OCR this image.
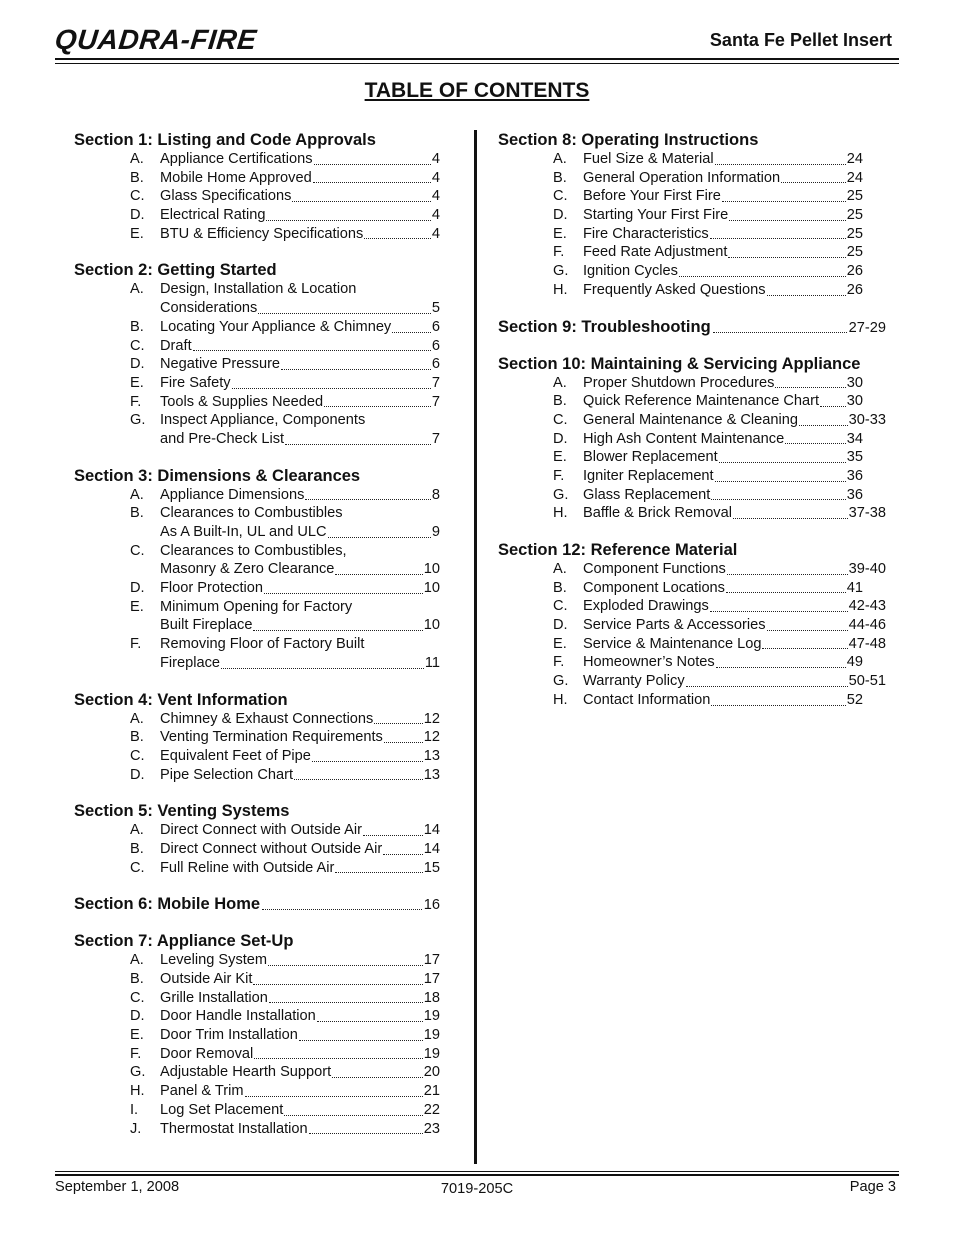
QUADRA-FIRE	Santa Fe Pellet Insert
TABLE OF CONTENTS
Section 1: Listing and Code Approvals
A.	Appliance Certifications	4
B.	Mobile Home Approved	4
C.	Glass Specifications	4
D.	Electrical Rating	4
E.	BTU & Efficiency Specifications	4
Section 2: Getting Started
A.	Design, Installation & Location
Considerations	5
B.	Locating Your Appliance & Chimney	6
C.	Draft	6
D.	Negative Pressure	6
E.	Fire Safety	7
F.	Tools & Supplies Needed	7
G. Inspect Appliance, Components
and Pre-Check List	7
Section 3: Dimensions & Clearances
A.	Appliance Dimensions	8
B.	Clearances to Combustibles
As A Built-In, UL and ULC	9
C.	Clearances to Combustibles,
Masonry & Zero Clearance	10
D.	Floor Protection	10
E.	Minimum Opening for Factory
Built Fireplace	10
F.	Removing Floor of Factory Built
Fireplace	11
Section 4: Vent Information
A.	Chimney & Exhaust Connections	12
B.	Venting Termination Requirements	12
C.	Equivalent Feet of Pipe	13
D.	Pipe Selection Chart	13
Section 5: Venting Systems
A.	Direct Connect with Outside Air	14
B.	Direct Connect without Outside Air	14
C.	Full Reline with Outside Air	15
Section 6: Mobile Home	16
Section 7: Appliance Set-Up
A.	Leveling System	17
B.	Outside Air Kit	17
C.	Grille Installation	18
D.	Door Handle Installation	19
E.	Door Trim Installation	19
F.	Door Removal	19
G. Adjustable Hearth Support	20
H.	Panel & Trim	21
I.	Log Set Placement	22
J.	Thermostat Installation	23
Section 8: Operating Instructions
A.	Fuel Size & Material	24
B.	General Operation Information	24
C.	Before Your First Fire	25
D.	Starting Your First Fire	25
E.	Fire Characteristics	25
F.	Feed Rate Adjustment	25
G. Ignition Cycles	26
H.	Frequently Asked Questions	26
Section 9: Troubleshooting	27-29
Section 10: Maintaining & Servicing Appliance
A.	Proper Shutdown Procedures	30
B.	Quick Reference Maintenance Chart 30
C.	General Maintenance & Cleaning	30-33
D.	High Ash Content Maintenance	34
E.	Blower Replacement	35
F.	Igniter Replacement	36
G. Glass Replacement	36
H.	Baffle & Brick Removal	37-38
Section 12: Reference Material
A.	Component Functions	39-40
B.	Component Locations	41
C.	Exploded Drawings	42-43
D.	Service Parts & Accessories	44-46
E.	Service & Maintenance Log	47-48
F.	Homeowner’s Notes	49
G. Warranty Policy	50-51
H.	Contact Information	52
September 1, 2008	7019-205C	Page 3
